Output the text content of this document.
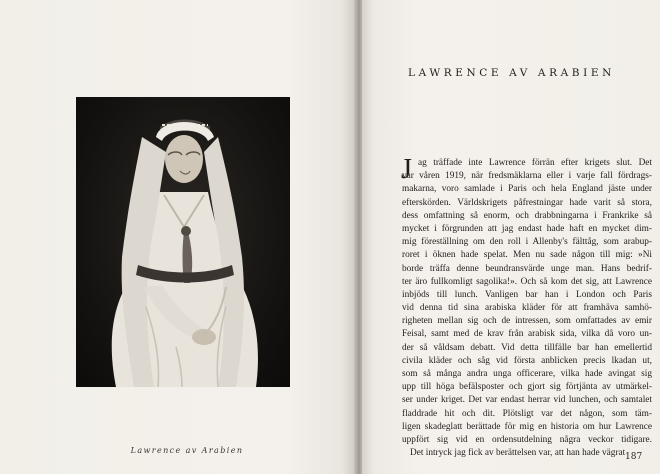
Lawrence av Arabien
LAWRENCE AV ARABIEN
J ag träffade inte Lawrence förrän efter krigets slut. Det
var våren 1919, när fredsmäklarna eller i varje fall fördrags-
makarna, voro samlade i Paris och hela England jäste under
efterskörden. Världskrigets påfrestningar hade varit så stora,
dess omfattning så enorm, och drabbningarna i Frankrike så
mycket i förgrunden att jag endast hade haft en mycket dim-
mig föreställning om den roll i Allenby's fälttåg, som arabup-
roret i öknen hade spelat. Men nu sade någon till mig: »Ni
borde träffa denne beundransvärde unge man. Hans bedrif-
ter äro fullkomligt sagolika!». Och så kom det sig, att Lawrence
inbjöds till lunch. Vanligen bar han i London och Paris
vid denna tid sina arabiska kläder för att framhäva samhö-
righeten mellan sig och de intressen, som omfattades av emir
Feisal, samt med de krav från arabisk sida, vilka då voro un-
der så våldsam debatt. Vid detta tillfälle bar han emellertid
civila kläder och såg vid första anblicken precis lkadan ut,
som så många andra unga officerare, vilka hade avingat sig
upp till höga befälsposter och gjort sig förtjänta av utmärkel-
ser under kriget. Det var endast herrar vid lunchen, och samtalet
fladdrade hit och dit. Plötsligt var det någon, som täm-
ligen skadeglatt berättade för mig en historia om hur Lawrence
uppfört sig vid en ordensutdelning några veckor tidigare.
Det intryck jag fick av berättelsen var, att han hade vägrat 187
